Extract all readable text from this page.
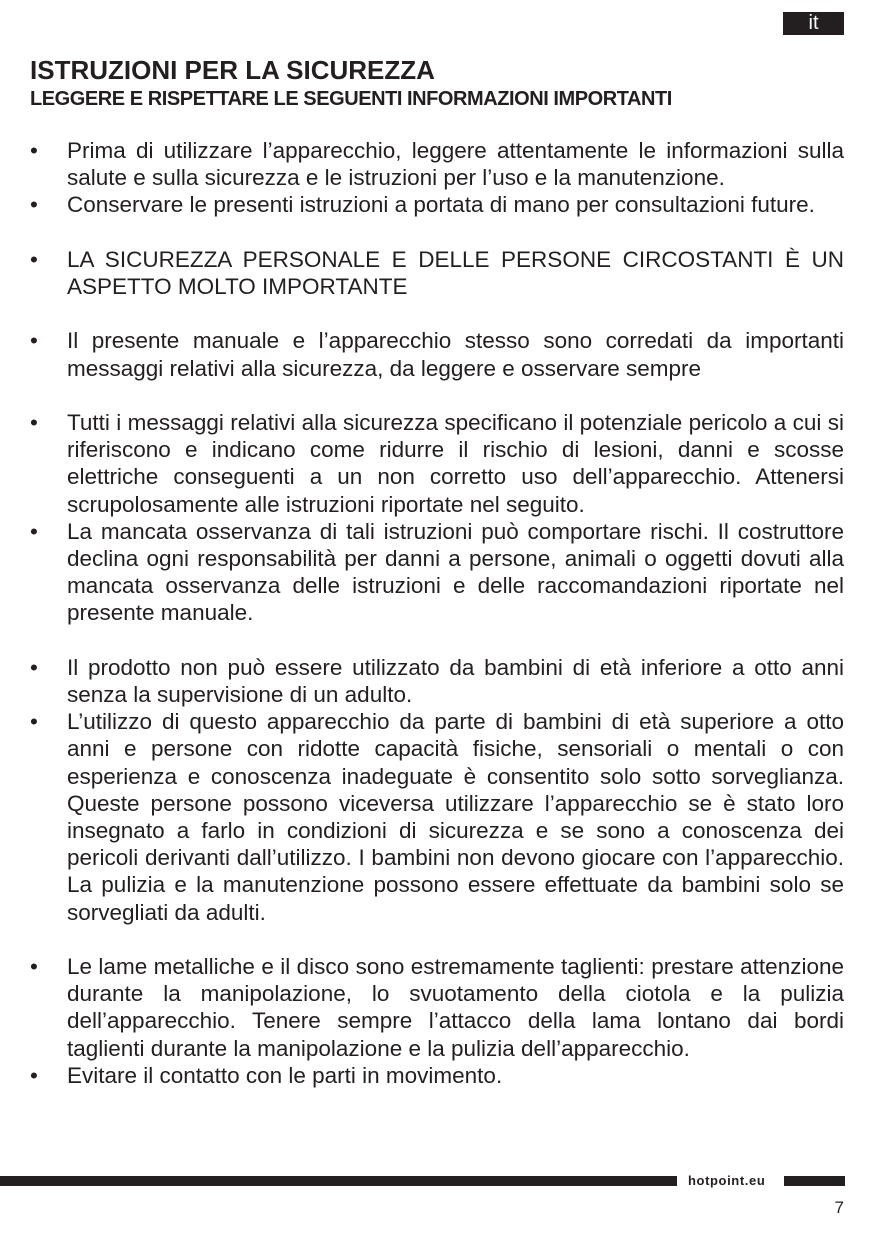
it
ISTRUZIONI PER LA SICUREZZA
LEGGERE E RISPETTARE LE SEGUENTI INFORMAZIONI IMPORTANTI
• Prima di utilizzare l’apparecchio, leggere attentamente le informazioni sulla salute e sulla sicurezza e le istruzioni per l’uso e la manutenzione.
• Conservare le presenti istruzioni a portata di mano per consultazioni future.
• LA SICUREZZA PERSONALE E DELLE PERSONE CIRCOSTANTI È UN ASPETTO MOLTO IMPORTANTE
• Il presente manuale e l’apparecchio stesso sono corredati da importanti messaggi relativi alla sicurezza, da leggere e osservare sempre
• Tutti i messaggi relativi alla sicurezza specificano il potenziale pericolo a cui si riferiscono e indicano come ridurre il rischio di lesioni, danni e scosse elettriche conseguenti a un non corretto uso dell’apparecchio. Attenersi scrupolosamente alle istruzioni riportate nel seguito.
• La mancata osservanza di tali istruzioni può comportare rischi. Il costruttore declina ogni responsabilità per danni a persone, animali o oggetti dovuti alla mancata osservanza delle istruzioni e delle raccomandazioni riportate nel presente manuale.
• Il prodotto non può essere utilizzato da bambini di età inferiore a otto anni senza la supervisione di un adulto.
• L’utilizzo di questo apparecchio da parte di bambini di età superiore a otto anni e persone con ridotte capacità fisiche, sensoriali o mentali o con esperienza e conoscenza inadeguate è consentito solo sotto sorveglianza. Queste persone possono viceversa utilizzare l’apparecchio se è stato loro insegnato a farlo in condizioni di sicurezza e se sono a conoscenza dei pericoli derivanti dall’utilizzo. I bambini non devono giocare con l’apparecchio. La pulizia e la manutenzione possono essere effettuate da bambini solo se sorvegliati da adulti.
• Le lame metalliche e il disco sono estremamente taglienti: prestare attenzione durante la manipolazione, lo svuotamento della ciotola e la pulizia dell’apparecchio. Tenere sempre l’attacco della lama lontano dai bordi taglienti durante la manipolazione e la pulizia dell’apparecchio.
• Evitare il contatto con le parti in movimento.
hotpoint.eu
7
